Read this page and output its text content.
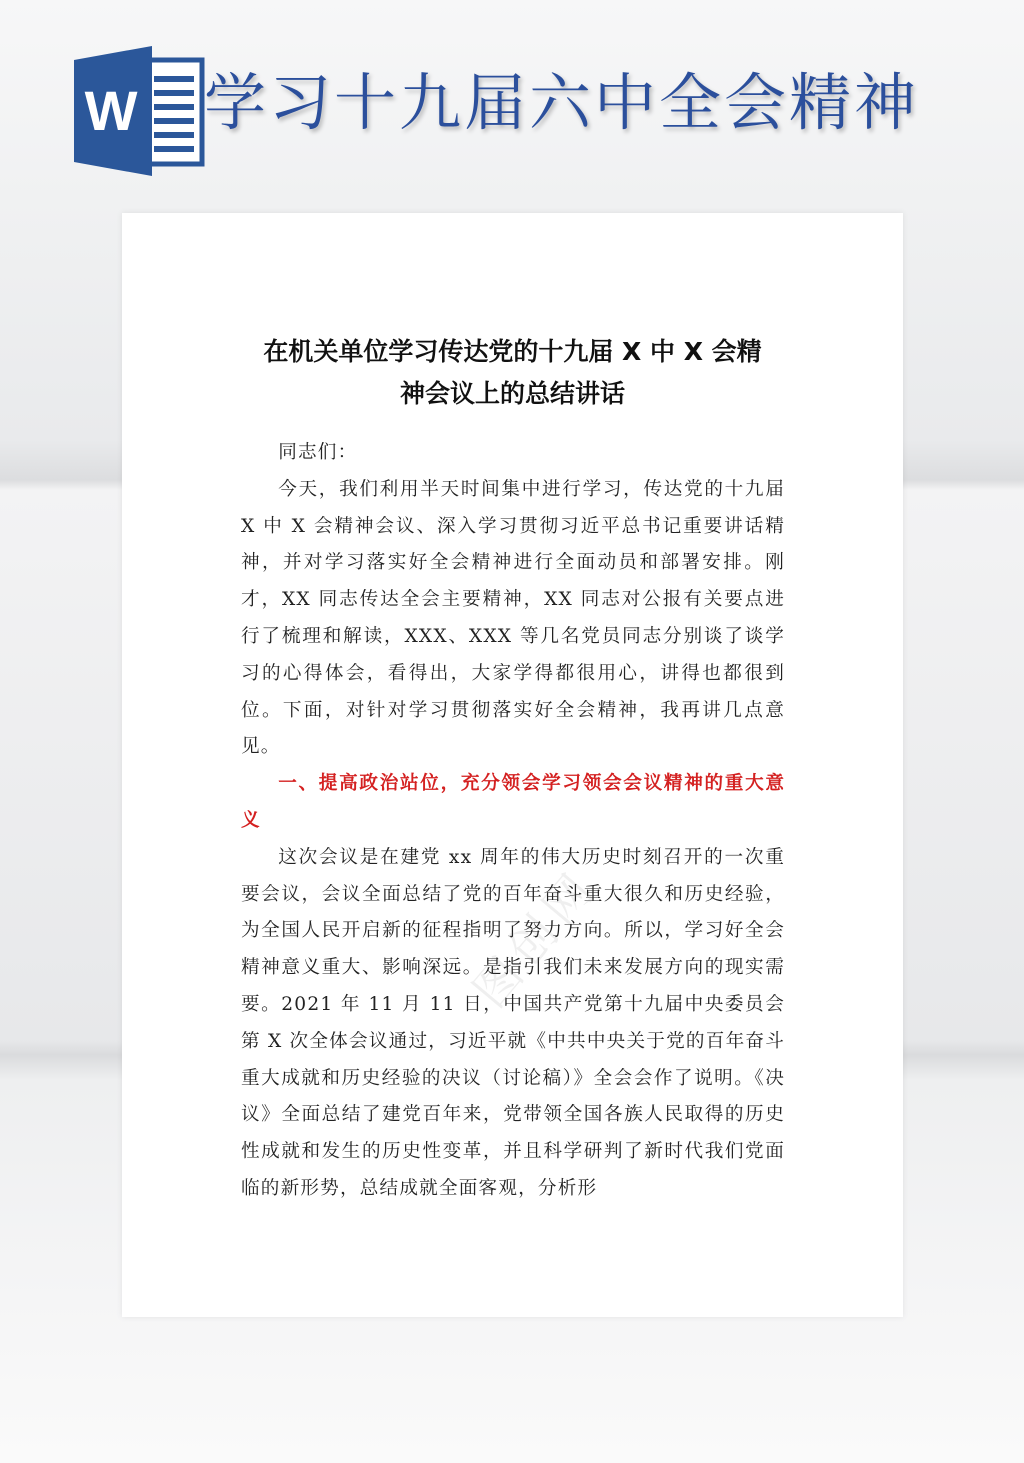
W 学习十九届六中全会精神
在机关单位学习传达党的十九届 X 中 X 会精
神会议上的总结讲话

同志们：

今天，我们利用半天时间集中进行学习，传达党的十九届 X 中 X 会精神会议、深入学习贯彻习近平总书记重要讲话精神，并对学习落实好全会精神进行全面动员和部署安排。刚才，XX 同志传达全会主要精神，XX 同志对公报有关要点进行了梳理和解读，XXX、XXX 等几名党员同志分别谈了谈学习的心得体会，看得出，大家学得都很用心，讲得也都很到位。下面，对针对学习贯彻落实好全会精神，我再讲几点意见。

一、提高政治站位，充分领会学习领会会议精神的重大意义

这次会议是在建党 xx 周年的伟大历史时刻召开的一次重要会议，会议全面总结了党的百年奋斗重大很久和历史经验，为全国人民开启新的征程指明了努力方向。所以，学习好全会精神意义重大、影响深远。是指引我们未来发展方向的现实需要。2021 年 11 月 11 日，中国共产党第十九届中央委员会第 X 次全体会议通过，习近平就《中共中央关于党的百年奋斗重大成就和历史经验的决议（讨论稿）》全会会作了说明。《决议》全面总结了建党百年来，党带领全国各族人民取得的历史性成就和发生的历史性变革，并且科学研判了新时代我们党面临的新形势，总结成就全面客观，分析形

图创网
